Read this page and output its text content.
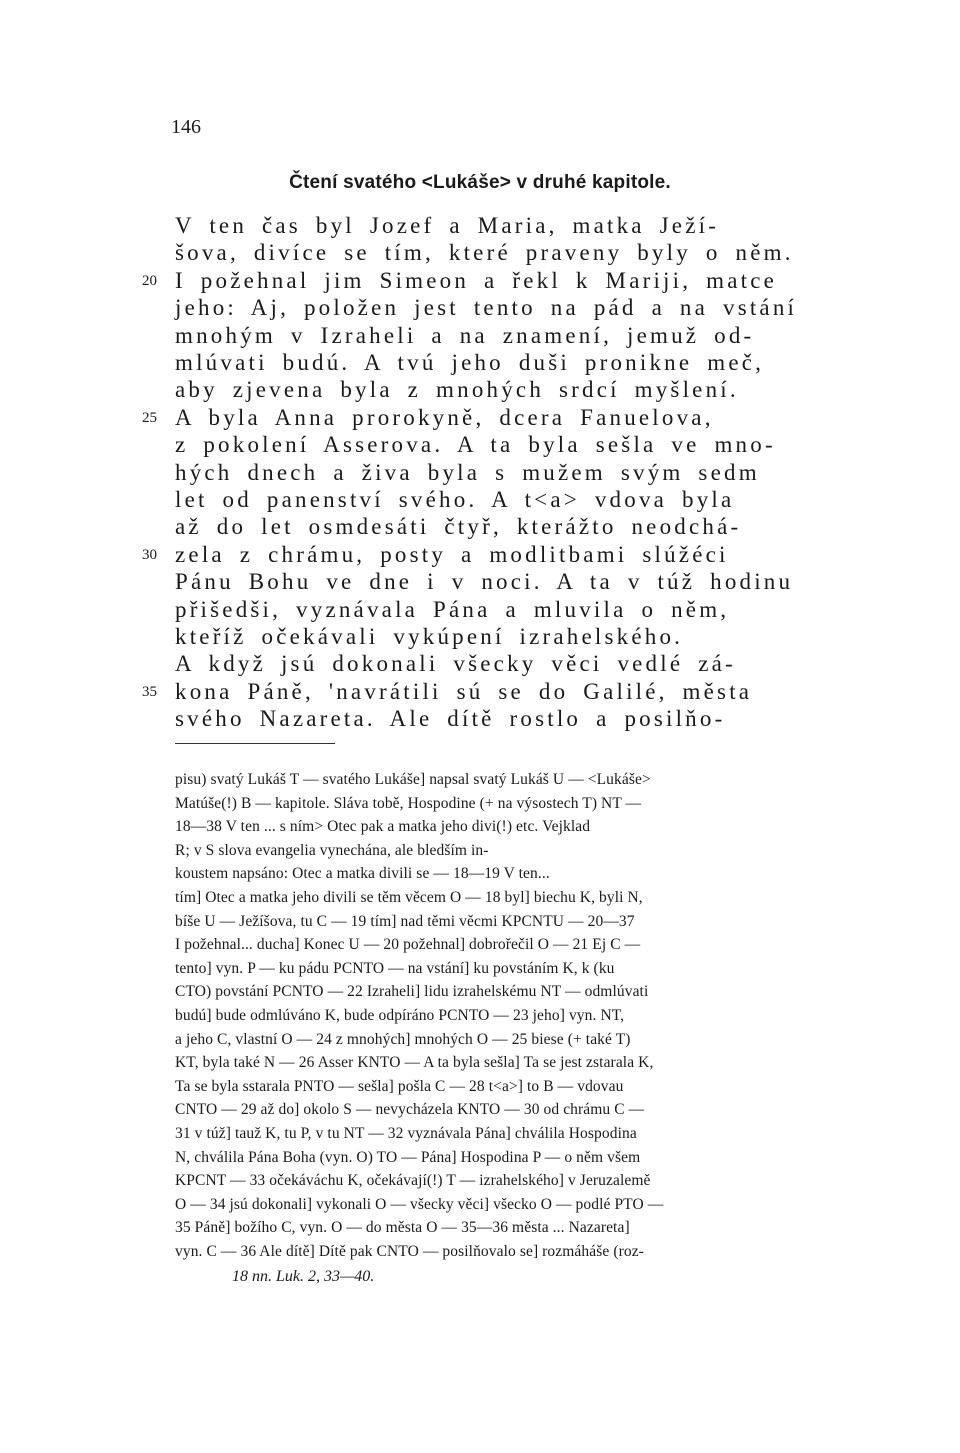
146
Čtení svatého <Lukáše> v druhé kapitole.
V ten čas byl Jozef a Maria, matka Ježí-
šova, divíce se tím, které praveny byly o něm.
20 I požehnal jim Simeon a řekl k Mariji, matce
jeho: Aj, položen jest tento na pád a na vstání
mnohým v Izraheli a na znamení, jemuž od-
mlúvati budú. A tvú jeho duši pronikne meč,
aby zjevena byla z mnohých srdcí myšlení.
25 A byla Anna prorokyně, dcera Fanuelova,
z pokolení Asserova. A ta byla sešla ve mno-
hých dnech a živa byla s mužem svým sedm
let od panenství svého. A t<a> vdova byla
až do let osmdesáti čtyř, kterážto neodchá-
30 zela z chrámu, posty a modlitbami slúžéci
Pánu Bohu ve dne i v noci. A ta v túž hodinu
přišedši, vyznávala Pána a mluvila o něm,
kteříž očekávali vykúpení izrahelského.
A když jsú dokonali všecky věci vedlé zá-
35 kona Páně, 'navrátili sú se do Galilé, města
svého Nazareta. Ale dítě rostlo a posilňo-
pisu) svatý Lukáš T — svatého Lukáše] napsal svatý Lukáš U — <Lukáše>
Matúše(!) B — kapitole. Sláva tobě, Hospodine (+ na výsostech T) NT —
18—38 V ten ... s ním> Otec pak a matka jeho divi(!) etc. Vejklad
R; v S slova evangelia vynechána, ale bledším in-
koustem napsáno: Otec a matka divili se — 18—19 V ten...
tím] Otec a matka jeho divili se těm věcem O — 18 byl] biechu K, byli N,
bíše U — Ježíšova, tu C — 19 tím] nad těmi věcmi KPCNTU — 20—37
I požehnal... ducha] Konec U — 20 požehnal] dobrořečil O — 21 Ej C —
tento] vyn. P — ku pádu PCNTO — na vstání] ku povstáním K, k (ku
CTO) povstání PCNTO — 22 Izraheli] lidu izrahelskému NT — odmlúvati
budú] bude odmlúváno K, bude odpíráno PCNTO — 23 jeho] vyn. NT,
a jeho C, vlastní O — 24 z mnohých] mnohých O — 25 biese (+ také T)
KT, byla také N — 26 Asser KNTO — A ta byla sešla] Ta se jest zstarala K,
Ta se byla sstarala PNTO — sešla] pošla C — 28 t<a>] to B — vdovau
CNTO — 29 až do] okolo S — nevycházela KNTO — 30 od chrámu C —
31 v túž] tauž K, tu P, v tu NT — 32 vyznávala Pána] chválila Hospodina
N, chválila Pána Boha (vyn. O) TO — Pána] Hospodina P — o něm všem
KPCNT — 33 očekáváchu K, očekávají(!) T — izrahelského] v Jeruzalemě
O — 34 jsú dokonali] vykonali O — všecky věci] všecko O — podlé PTO —
35 Páně] božího C, vyn. O — do města O — 35—36 města ... Nazareta]
vyn. C — 36 Ale dítě] Dítě pak CNTO — posilňovalo se] rozmáháše (roz-
18 nn. Luk. 2, 33—40.
